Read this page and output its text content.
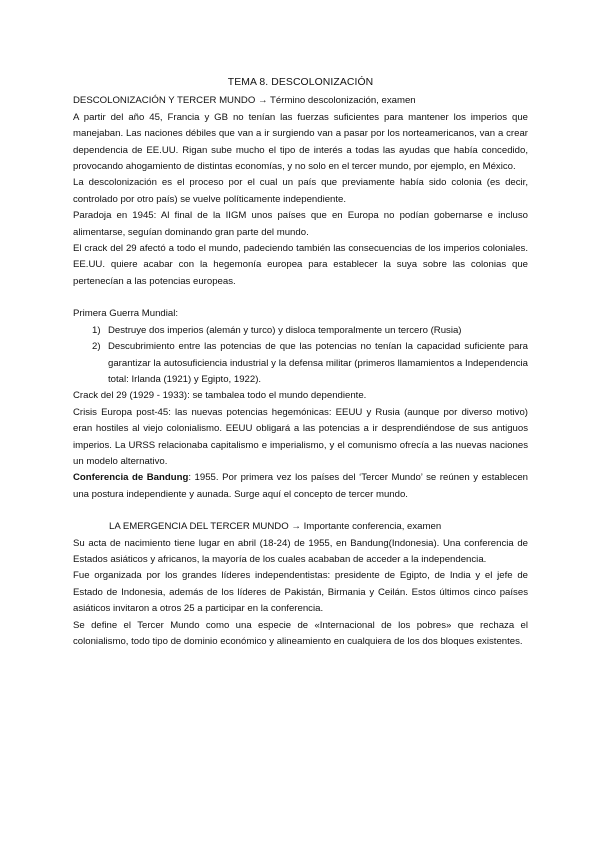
TEMA 8. DESCOLONIZACIÓN
DESCOLONIZACIÓN Y TERCER MUNDO → Término descolonización, examen

A partir del año 45, Francia y GB no tenían las fuerzas suficientes para mantener los imperios que manejaban. Las naciones débiles que van a ir surgiendo van a pasar por los norteamericanos, van a crear dependencia de EE.UU. Rigan sube mucho el tipo de interés a todas las ayudas que había concedido, provocando ahogamiento de distintas economías, y no solo en el tercer mundo, por ejemplo, en México.

La descolonización es el proceso por el cual un país que previamente había sido colonia (es decir, controlado por otro país) se vuelve políticamente independiente.

Paradoja en 1945: Al final de la IIGM unos países que en Europa no podían gobernarse e incluso alimentarse, seguían dominando gran parte del mundo.

El crack del 29 afectó a todo el mundo, padeciendo también las consecuencias de los imperios coloniales. EE.UU. quiere acabar con la hegemonía europea para establecer la suya sobre las colonias que pertenecían a las potencias europeas.

Primera Guerra Mundial:
1) Destruye dos imperios (alemán y turco) y disloca temporalmente un tercero (Rusia)
2) Descubrimiento entre las potencias de que las potencias no tenían la capacidad suficiente para garantizar la autosuficiencia industrial y la defensa militar (primeros llamamientos a Independencia total: Irlanda (1921) y Egipto, 1922).

Crack del 29 (1929 - 1933): se tambalea todo el mundo dependiente.

Crisis Europa post-45: las nuevas potencias hegemónicas: EEUU y Rusia (aunque por diverso motivo) eran hostiles al viejo colonialismo. EEUU obligará a las potencias a ir desprendiéndose de sus antiguos imperios. La URSS relacionaba capitalismo e imperialismo, y el comunismo ofrecía a las nuevas naciones un modelo alternativo.

Conferencia de Bandung: 1955. Por primera vez los países del ‘Tercer Mundo’ se reúnen y establecen una postura independiente y aunada. Surge aquí el concepto de tercer mundo.

LA EMERGENCIA DEL TERCER MUNDO → Importante conferencia, examen

Su acta de nacimiento tiene lugar en abril (18-24) de 1955, en Bandung(Indonesia). Una conferencia de Estados asiáticos y africanos, la mayoría de los cuales acababan de acceder a la independencia.

Fue organizada por los grandes líderes independentistas: presidente de Egipto, de India y el jefe de Estado de Indonesia, además de los líderes de Pakistán, Birmania y Ceilán. Estos últimos cinco países asiáticos invitaron a otros 25 a participar en la conferencia.

Se define el Tercer Mundo como una especie de «Internacional de los pobres» que rechaza el colonialismo, todo tipo de dominio económico y alineamiento en cualquiera de los dos bloques existentes.
